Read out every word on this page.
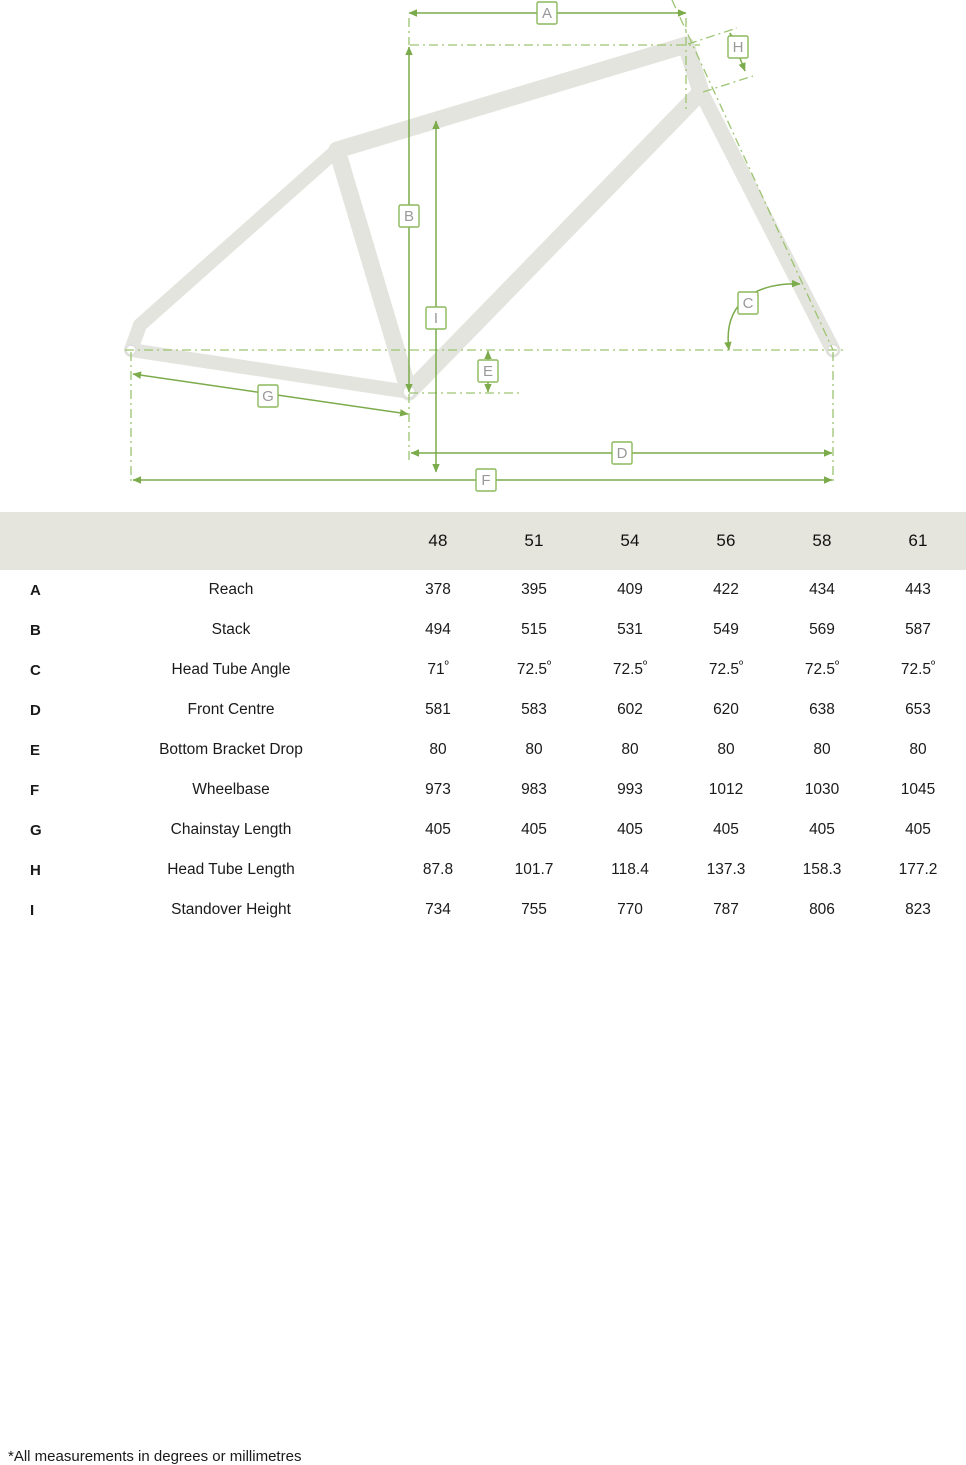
A
B
C
D
E
F
G
H
I
		48	51	54	56	58	61
A	Reach	378	395	409	422	434	443
B	Stack	494	515	531	549	569	587
C	Head Tube Angle	$71^º$	$72.5^º$	$72.5^º$	$72.5^º$	$72.5^º$	$72.5^º$
D	Front Centre	581	583	602	620	638	653
E	Bottom Bracket Drop	80	80	80	80	80	80
F	Wheelbase	973	983	993	1012	1030	1045
G	Chainstay Length	405	405	405	405	405	405
H	Head Tube Length	87.8	101.7	118.4	137.3	158.3	177.2
I	Standover Height	734	755	770	787	806	823
*All measurements in degrees or millimetres
